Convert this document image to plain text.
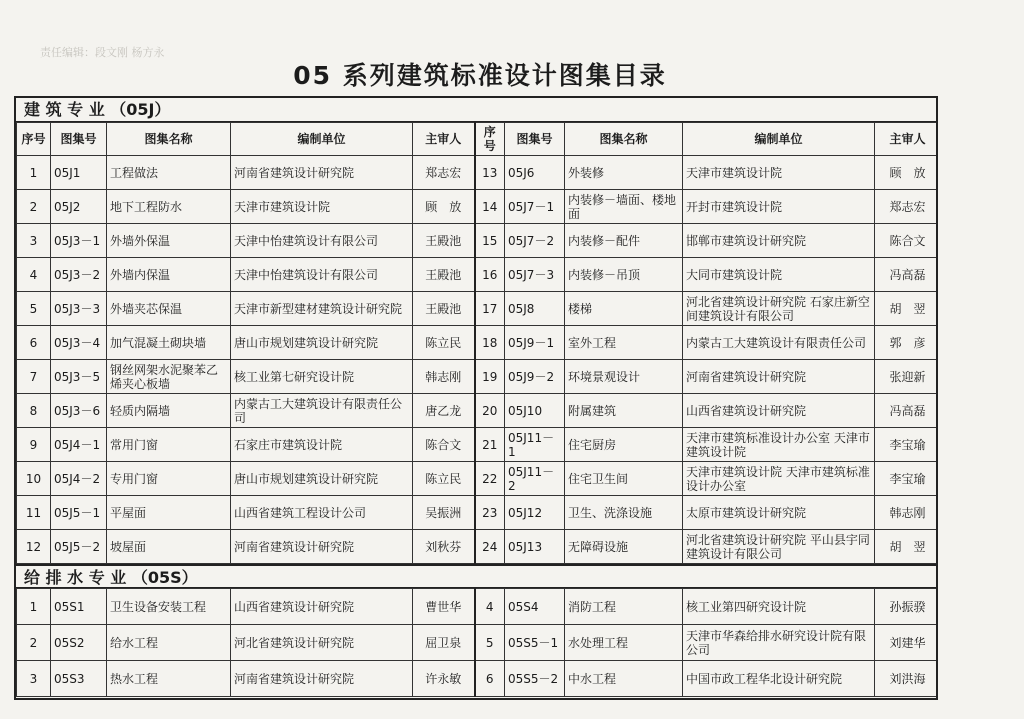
责任编辑：段文刚 杨方永
05 系列建筑标准设计图集目录
建 筑 专 业 （05J）
序号	图集号	图集名称	编制单位	主审人	序号	图集号	图集名称	编制单位	主审人
1	05J1	工程做法	河南省建筑设计研究院	郑志宏	13	05J6	外装修	天津市建筑设计院	顾　放
2	05J2	地下工程防水	天津市建筑设计院	顾　放	14	05J7－1	内装修－墙面、楼地面	开封市建筑设计院	郑志宏
3	05J3－1	外墙外保温	天津中怡建筑设计有限公司	王殿池	15	05J7－2	内装修－配件	邯郸市建筑设计研究院	陈合文
4	05J3－2	外墙内保温	天津中怡建筑设计有限公司	王殿池	16	05J7－3	内装修－吊顶	大同市建筑设计院	冯高磊
5	05J3－3	外墙夹芯保温	天津市新型建材建筑设计研究院	王殿池	17	05J8	楼梯	河北省建筑设计研究院 石家庄新空间建筑设计有限公司	胡　翌
6	05J3－4	加气混凝土砌块墙	唐山市规划建筑设计研究院	陈立民	18	05J9－1	室外工程	内蒙古工大建筑设计有限责任公司	郭　彦
7	05J3－5	钢丝网架水泥聚苯乙烯夹心板墙	核工业第七研究设计院	韩志刚	19	05J9－2	环境景观设计	河南省建筑设计研究院	张迎新
8	05J3－6	轻质内隔墙	内蒙古工大建筑设计有限责任公司	唐乙龙	20	05J10	附属建筑	山西省建筑设计研究院	冯高磊
9	05J4－1	常用门窗	石家庄市建筑设计院	陈合文	21	05J11－1	住宅厨房	天津市建筑标准设计办公室 天津市建筑设计院	李宝瑜
10	05J4－2	专用门窗	唐山市规划建筑设计研究院	陈立民	22	05J11－2	住宅卫生间	天津市建筑设计院 天津市建筑标准设计办公室	李宝瑜
11	05J5－1	平屋面	山西省建筑工程设计公司	吴振洲	23	05J12	卫生、洗涤设施	太原市建筑设计研究院	韩志刚
12	05J5－2	坡屋面	河南省建筑设计研究院	刘秋芬	24	05J13	无障碍设施	河北省建筑设计研究院 平山县宇同建筑设计有限公司	胡　翌
给 排 水 专 业 （05S）
1	05S1	卫生设备安装工程	山西省建筑设计研究院	曹世华	4	05S4	消防工程	核工业第四研究设计院	孙振骙
2	05S2	给水工程	河北省建筑设计研究院	屈卫泉	5	05S5－1	水处理工程	天津市华森给排水研究设计院有限公司	刘建华
3	05S3	热水工程	河南省建筑设计研究院	许永敏	6	05S5－2	中水工程	中国市政工程华北设计研究院	刘洪海
